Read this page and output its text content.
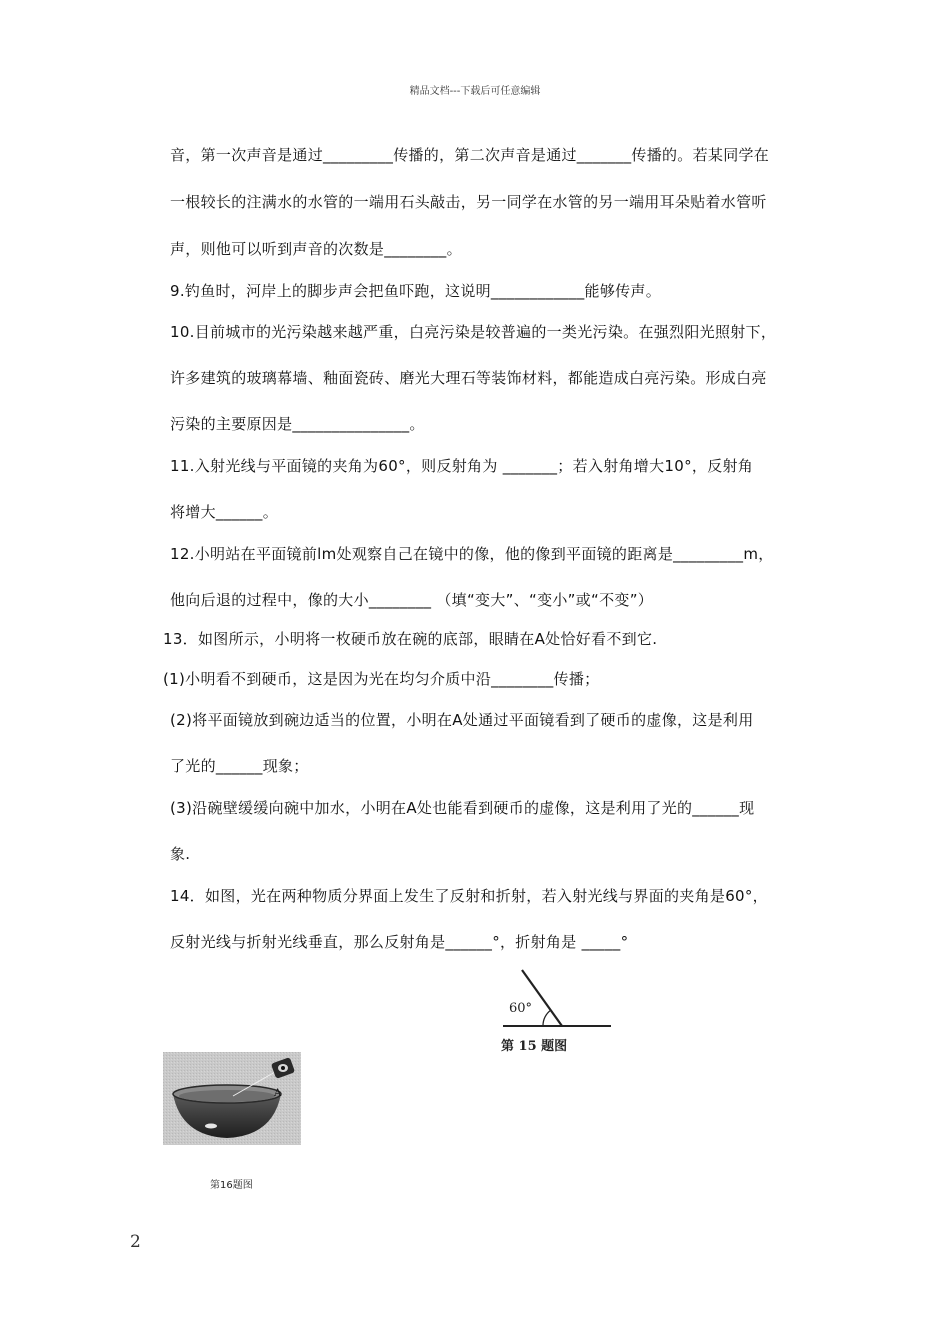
精品文档---下载后可任意编辑
音，第一次声音是通过_________传播的，第二次声音是通过_______传播的。若某同学在
一根较长的注满水的水管的一端用石头敲击，另一同学在水管的另一端用耳朵贴着水管听
声，则他可以听到声音的次数是________。
9.钓鱼时，河岸上的脚步声会把鱼吓跑，这说明____________能够传声。
10.目前城市的光污染越来越严重，白亮污染是较普遍的一类光污染。在强烈阳光照射下，
许多建筑的玻璃幕墙、釉面瓷砖、磨光大理石等装饰材料，都能造成白亮污染。形成白亮
污染的主要原因是_______________。
11.入射光线与平面镜的夹角为60°，则反射角为 _______；若入射角增大10°，反射角
将增大______。
12.小明站在平面镜前lm处观察自己在镜中的像，他的像到平面镜的距离是_________m，
他向后退的过程中，像的大小________ （填“变大”、“变小”或“不变”）
13．如图所示，小明将一枚硬币放在碗的底部，眼睛在A处恰好看不到它.
(1)小明看不到硬币，这是因为光在均匀介质中沿________传播；
(2)将平面镜放到碗边适当的位置，小明在A处通过平面镜看到了硬币的虚像，这是利用
了光的______现象；
(3)沿碗壁缓缓向碗中加水，小明在A处也能看到硬币的虚像，这是利用了光的______现
象.
14．如图，光在两种物质分界面上发生了反射和折射，若入射光线与界面的夹角是60°，
反射光线与折射光线垂直，那么反射角是______°，折射角是 _____°
60°
第 15 题图
A
第16题图
2
